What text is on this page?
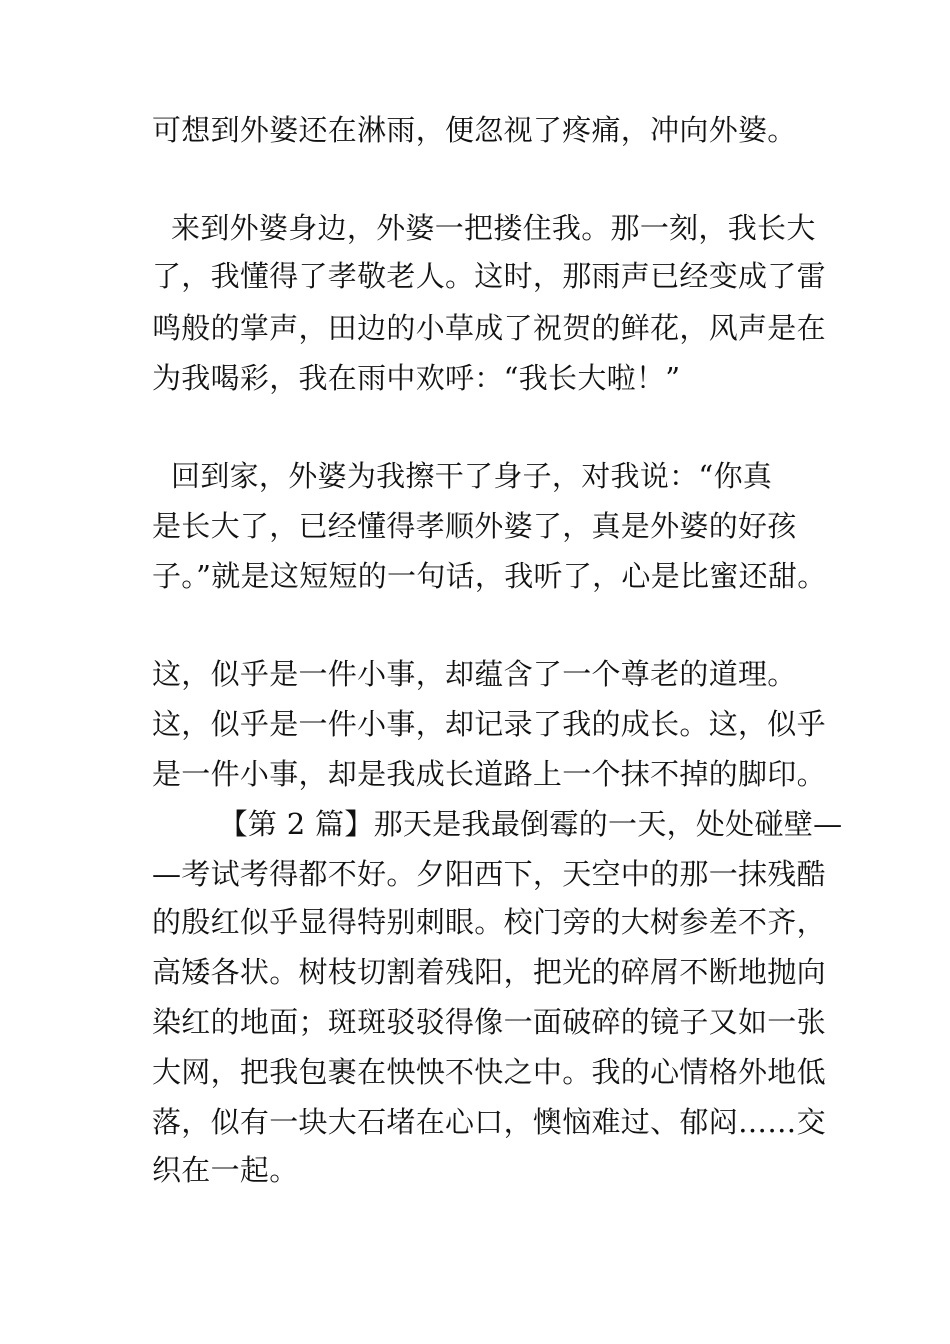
可想到外婆还在淋雨，便忽视了疼痛，冲向外婆。
来到外婆身边，外婆一把搂住我。那一刻，我长大
了，我懂得了孝敬老人。这时，那雨声已经变成了雷
鸣般的掌声，田边的小草成了祝贺的鲜花，风声是在
为我喝彩，我在雨中欢呼：“我长大啦！”
回到家，外婆为我擦干了身子，对我说：“你真
是长大了，已经懂得孝顺外婆了，真是外婆的好孩
子。”就是这短短的一句话，我听了，心是比蜜还甜。
这，似乎是一件小事，却蕴含了一个尊老的道理。
这，似乎是一件小事，却记录了我的成长。这，似乎
是一件小事，却是我成长道路上一个抹不掉的脚印。
【第 2 篇】那天是我最倒霉的一天，处处碰壁—
—考试考得都不好。夕阳西下，天空中的那一抹残酷
的殷红似乎显得特别刺眼。校门旁的大树参差不齐，
高矮各状。树枝切割着残阳，把光的碎屑不断地抛向
染红的地面；斑斑驳驳得像一面破碎的镜子又如一张
大网，把我包裹在怏怏不快之中。我的心情格外地低
落，似有一块大石堵在心口，懊恼难过、郁闷……交
织在一起。
